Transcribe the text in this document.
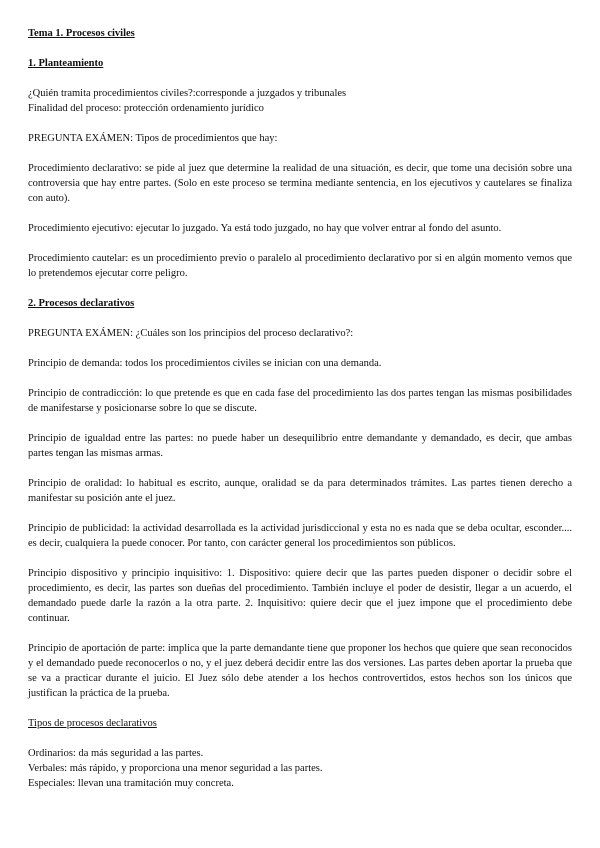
Tema 1. Procesos civiles

1. Planteamiento

¿Quién tramita procedimientos civiles?:corresponde a juzgados y tribunales

Finalidad del proceso: protección ordenamiento jurídico

PREGUNTA EXÁMEN: Tipos de procedimientos que hay:

Procedimiento declarativo: se pide al juez que determine la realidad de una situación, es decir, que tome una decisión sobre una controversia que hay entre partes. (Solo en este proceso se termina mediante sentencia, en los ejecutivos y cautelares se finaliza con auto).

Procedimiento ejecutivo: ejecutar lo juzgado. Ya está todo juzgado, no hay que volver entrar al fondo del asunto.

Procedimiento cautelar: es un procedimiento previo o paralelo al procedimiento declarativo por si en algún momento vemos que lo pretendemos ejecutar corre peligro.

2. Procesos declarativos

PREGUNTA EXÁMEN: ¿Cuáles son los principios del proceso declarativo?:

Principio de demanda: todos los procedimientos civiles se inician con una demanda.

Principio de contradicción: lo que pretende es que en cada fase del procedimiento las dos partes tengan las mismas posibilidades de manifestarse y posicionarse sobre lo que se discute.

Principio de igualdad entre las partes: no puede haber un desequilibrio entre demandante y demandado, es decir, que ambas partes tengan las mismas armas.

Principio de oralidad: lo habitual es escrito, aunque, oralidad se da para determinados trámites. Las partes tienen derecho a manifestar su posición ante el juez.

Principio de publicidad: la actividad desarrollada es la actividad jurisdiccional y esta no es nada que se deba ocultar, esconder.... es decir, cualquiera la puede conocer. Por tanto, con carácter general los procedimientos son públicos.

Principio dispositivo y principio inquisitivo: 1. Dispositivo: quiere decir que las partes pueden disponer o decidir sobre el procedimiento, es decir, las partes son dueñas del procedimiento. También incluye el poder de desistir, llegar a un acuerdo, el demandado puede darle la razón a la otra parte. 2. Inquisitivo: quiere decir que el juez impone que el procedimiento debe continuar.

Principio de aportación de parte: implica que la parte demandante tiene que proponer los hechos que quiere que sean reconocidos y el demandado puede reconocerlos o no, y el juez deberá decidir entre las dos versiones. Las partes deben aportar la prueba que se va a practicar durante el juicio. El Juez sólo debe atender a los hechos controvertidos, estos hechos son los únicos que justifican la práctica de la prueba.

Tipos de procesos declarativos

Ordinarios: da más seguridad a las partes.

Verbales: más rápido, y proporciona una menor seguridad a las partes.

Especiales: llevan una tramitación muy concreta.
